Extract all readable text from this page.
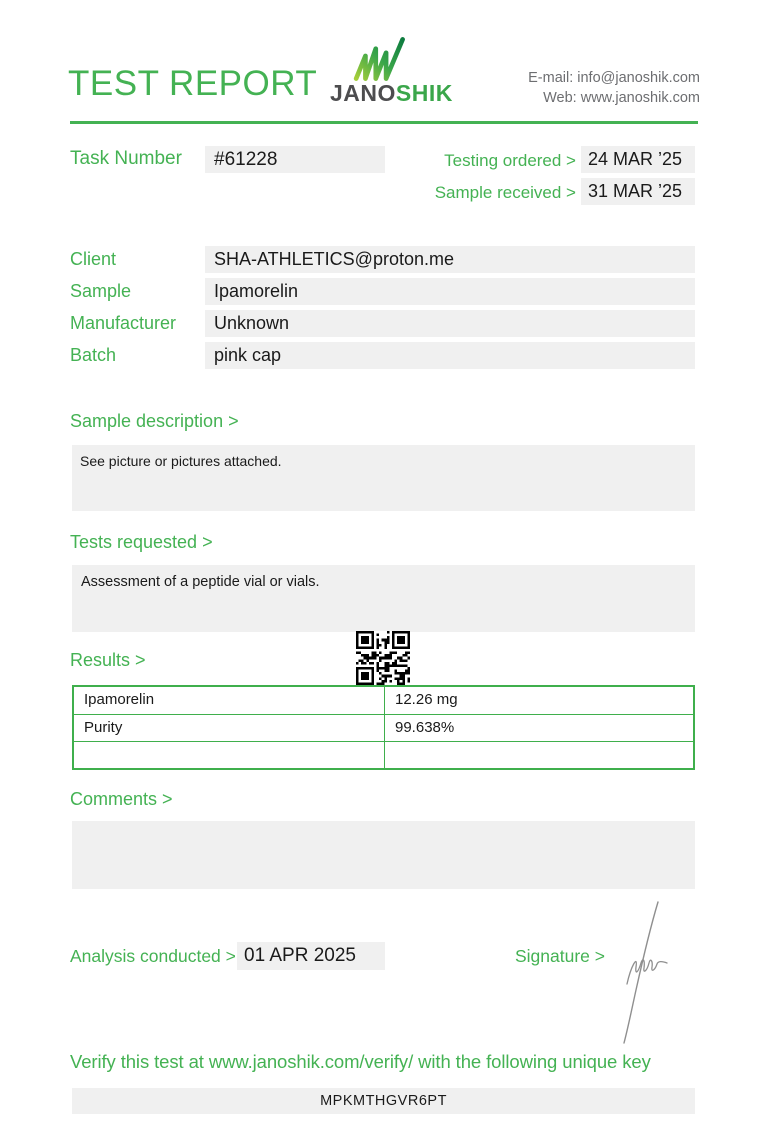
TEST REPORT JANOSHIK
E-mail: info@janoshik.com
Web: www.janoshik.com
Task Number	#61228	Testing ordered > 24 MAR ’25
Sample received > 31 MAR ’25
Client	SHA-ATHLETICS@proton.me
Sample	Ipamorelin
Manufacturer	Unknown
Batch	pink cap
Sample description >
See picture or pictures attached.
Tests requested >
Assessment of a peptide vial or vials.
Results >
Ipamorelin	12.26 mg
Purity	99.638%
Comments >
Analysis conducted > 01 APR 2025	Signature >
Verify this test at www.janoshik.com/verify/ with the following unique key
MPKMTHGVR6PT
